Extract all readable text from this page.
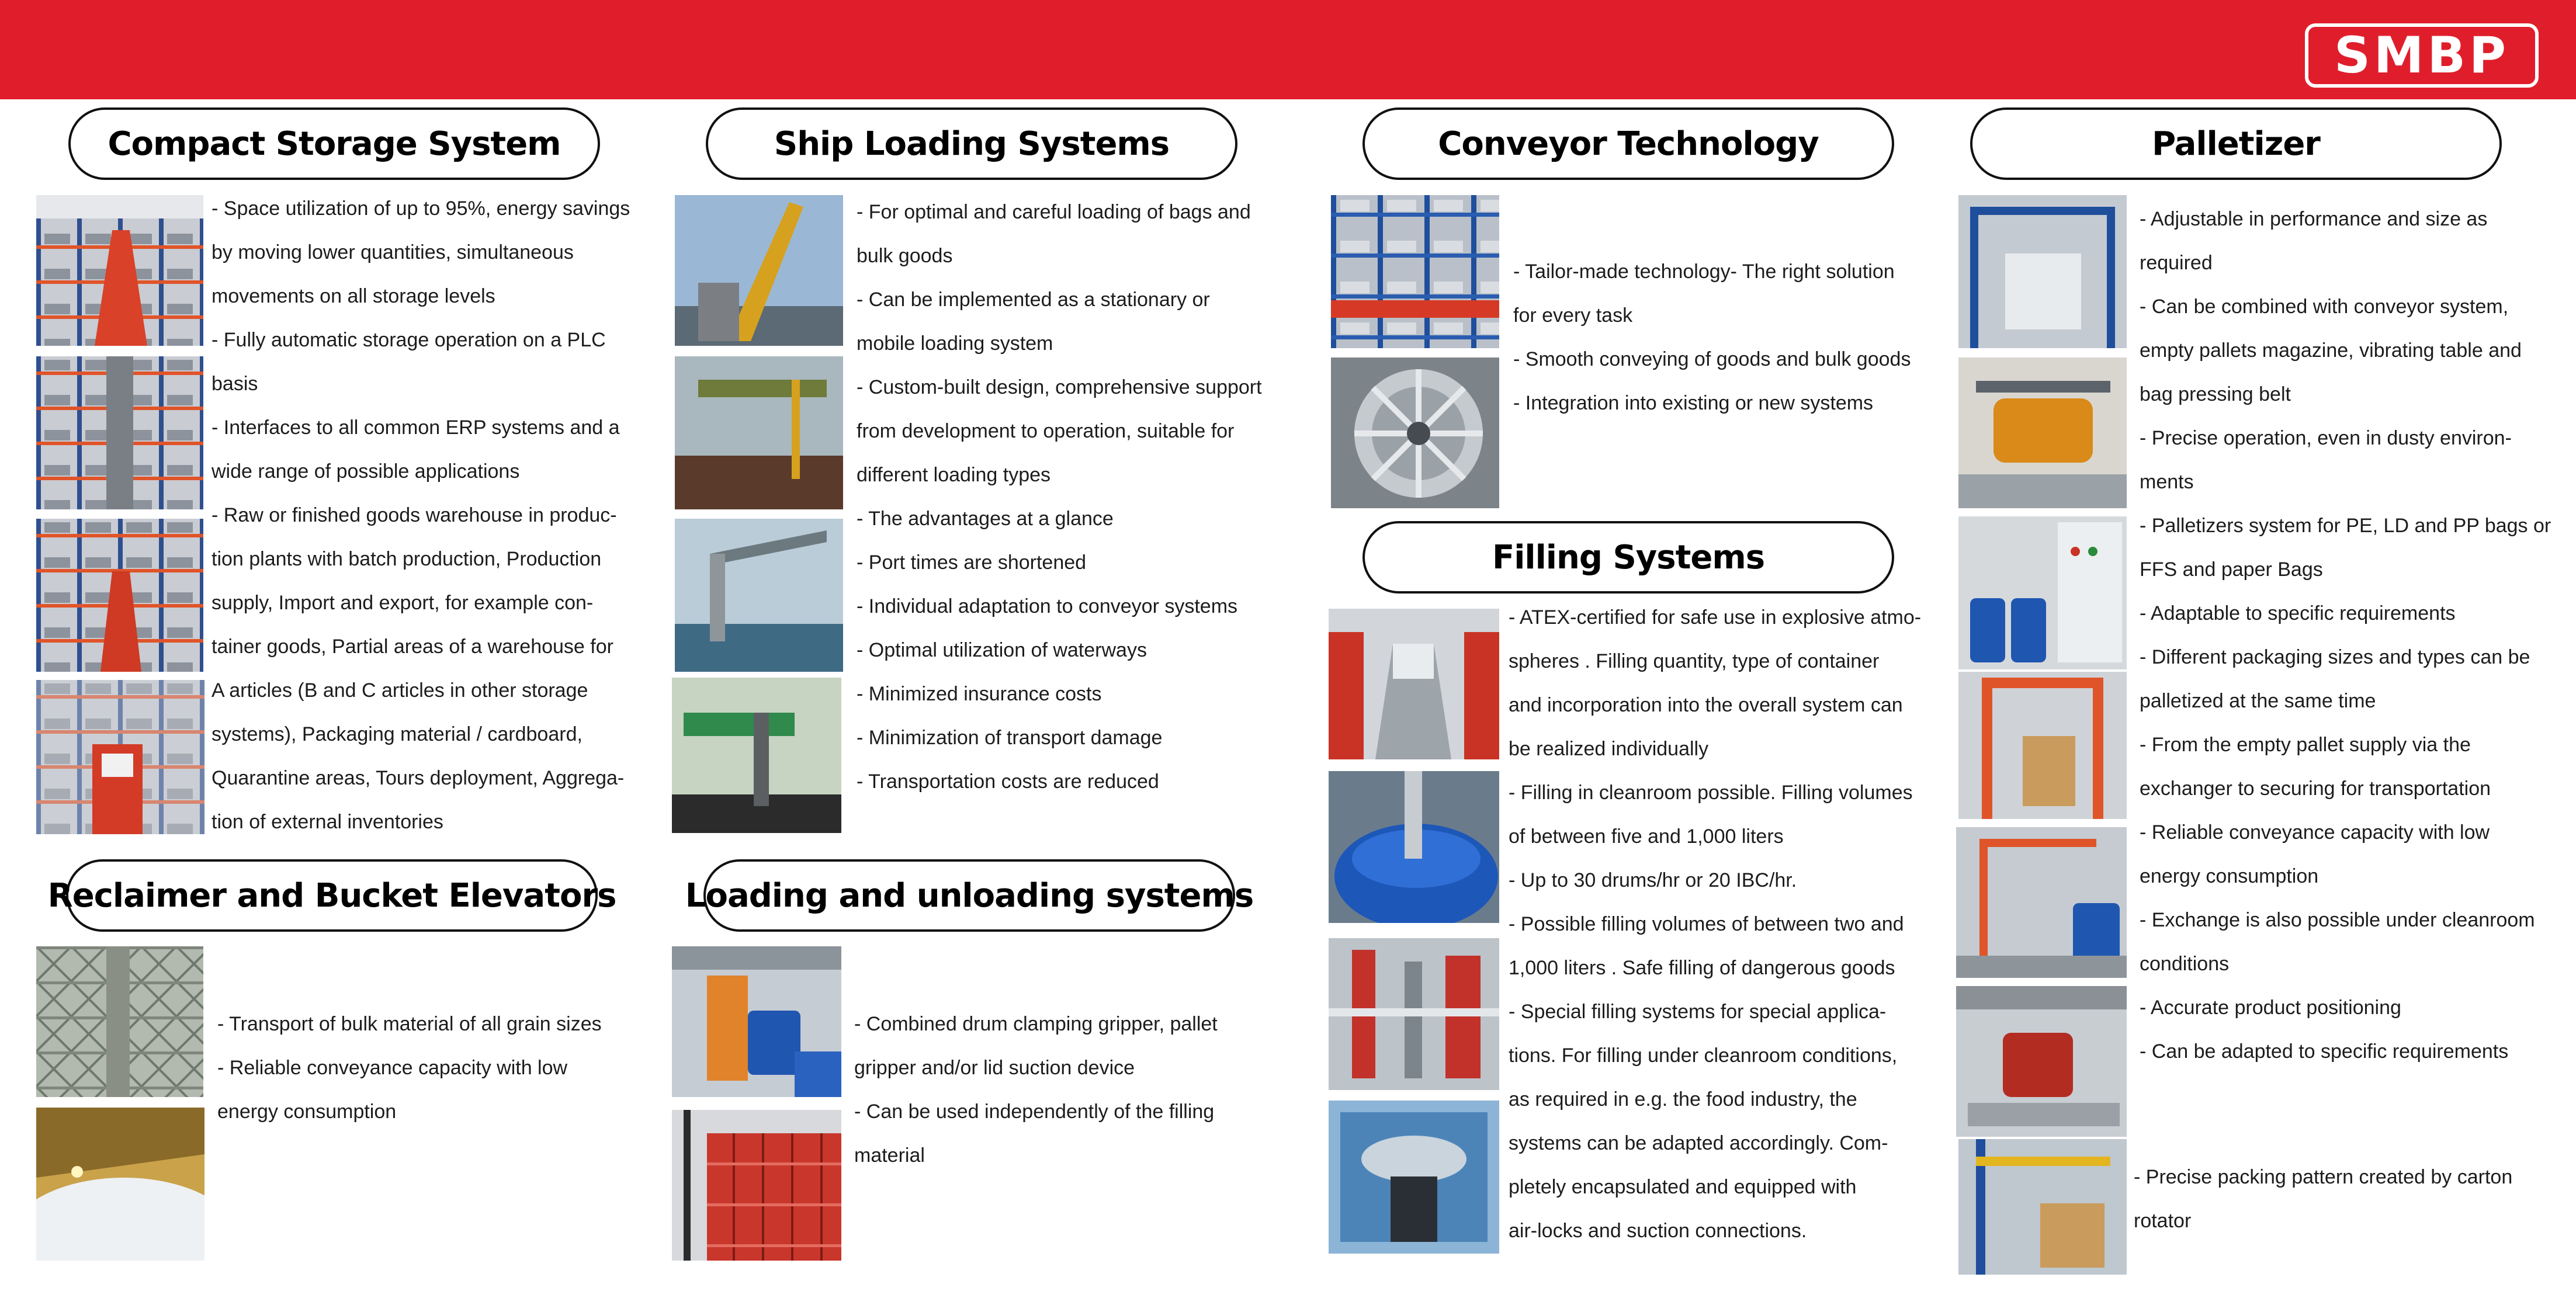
SMBP
Compact Storage System

- Space utilization of up to 95%, energy savings

by moving lower quantities, simultaneous

movements on all storage levels

- Fully automatic storage operation on a PLC

basis

- Interfaces to all common ERP systems and a

wide range of possible applications

- Raw or finished goods warehouse in produc-

tion plants with batch production, Production

supply, Import and export, for example con-

tainer goods, Partial areas of a warehouse for

A articles (B and C articles in other storage

systems), Packaging material / cardboard,

Quarantine areas, Tours deployment, Aggrega-

tion of external inventories

Reclaimer and Bucket Elevators

- Transport of bulk material of all grain sizes

- Reliable conveyance capacity with low

energy consumption

Ship Loading Systems

- For optimal and careful loading of bags and

bulk goods

- Can be implemented as a stationary or

mobile loading system

- Custom-built design, comprehensive support

from development to operation, suitable for

different loading types

- The advantages at a glance

- Port times are shortened

- Individual adaptation to conveyor systems

- Optimal utilization of waterways

- Minimized insurance costs

- Minimization of transport damage

- Transportation costs are reduced

Loading and unloading systems

- Combined drum clamping gripper, pallet

gripper and/or lid suction device

- Can be used independently of the filling

material

Conveyor Technology

- Tailor-made technology- The right solution

for every task

- Smooth conveying of goods and bulk goods

- Integration into existing or new systems

Filling Systems

- ATEX-certified for safe use in explosive atmo-

spheres . Filling quantity, type of container

and incorporation into the overall system can

be realized individually

- Filling in cleanroom possible. Filling volumes

of between five and 1,000 liters

- Up to 30 drums/hr or 20 IBC/hr.

- Possible filling volumes of between two and

1,000 liters . Safe filling of dangerous goods

- Special filling systems for special applica-

tions. For filling under cleanroom conditions,

as required in e.g. the food industry, the

systems can be adapted accordingly. Com-

pletely encapsulated and equipped with

air-locks and suction connections.

Palletizer

- Adjustable in performance and size as

required

- Can be combined with conveyor system,

empty pallets magazine, vibrating table and

bag pressing belt

- Precise operation, even in dusty environ-

ments

- Palletizers system for PE, LD and PP bags or

FFS and paper Bags

- Adaptable to specific requirements

- Different packaging sizes and types can be

palletized at the same time

- From the empty pallet supply via the

exchanger to securing for transportation

- Reliable conveyance capacity with low

energy consumption

- Exchange is also possible under cleanroom

conditions

- Accurate product positioning

- Can be adapted to specific requirements

- Precise packing pattern created by carton

rotator
